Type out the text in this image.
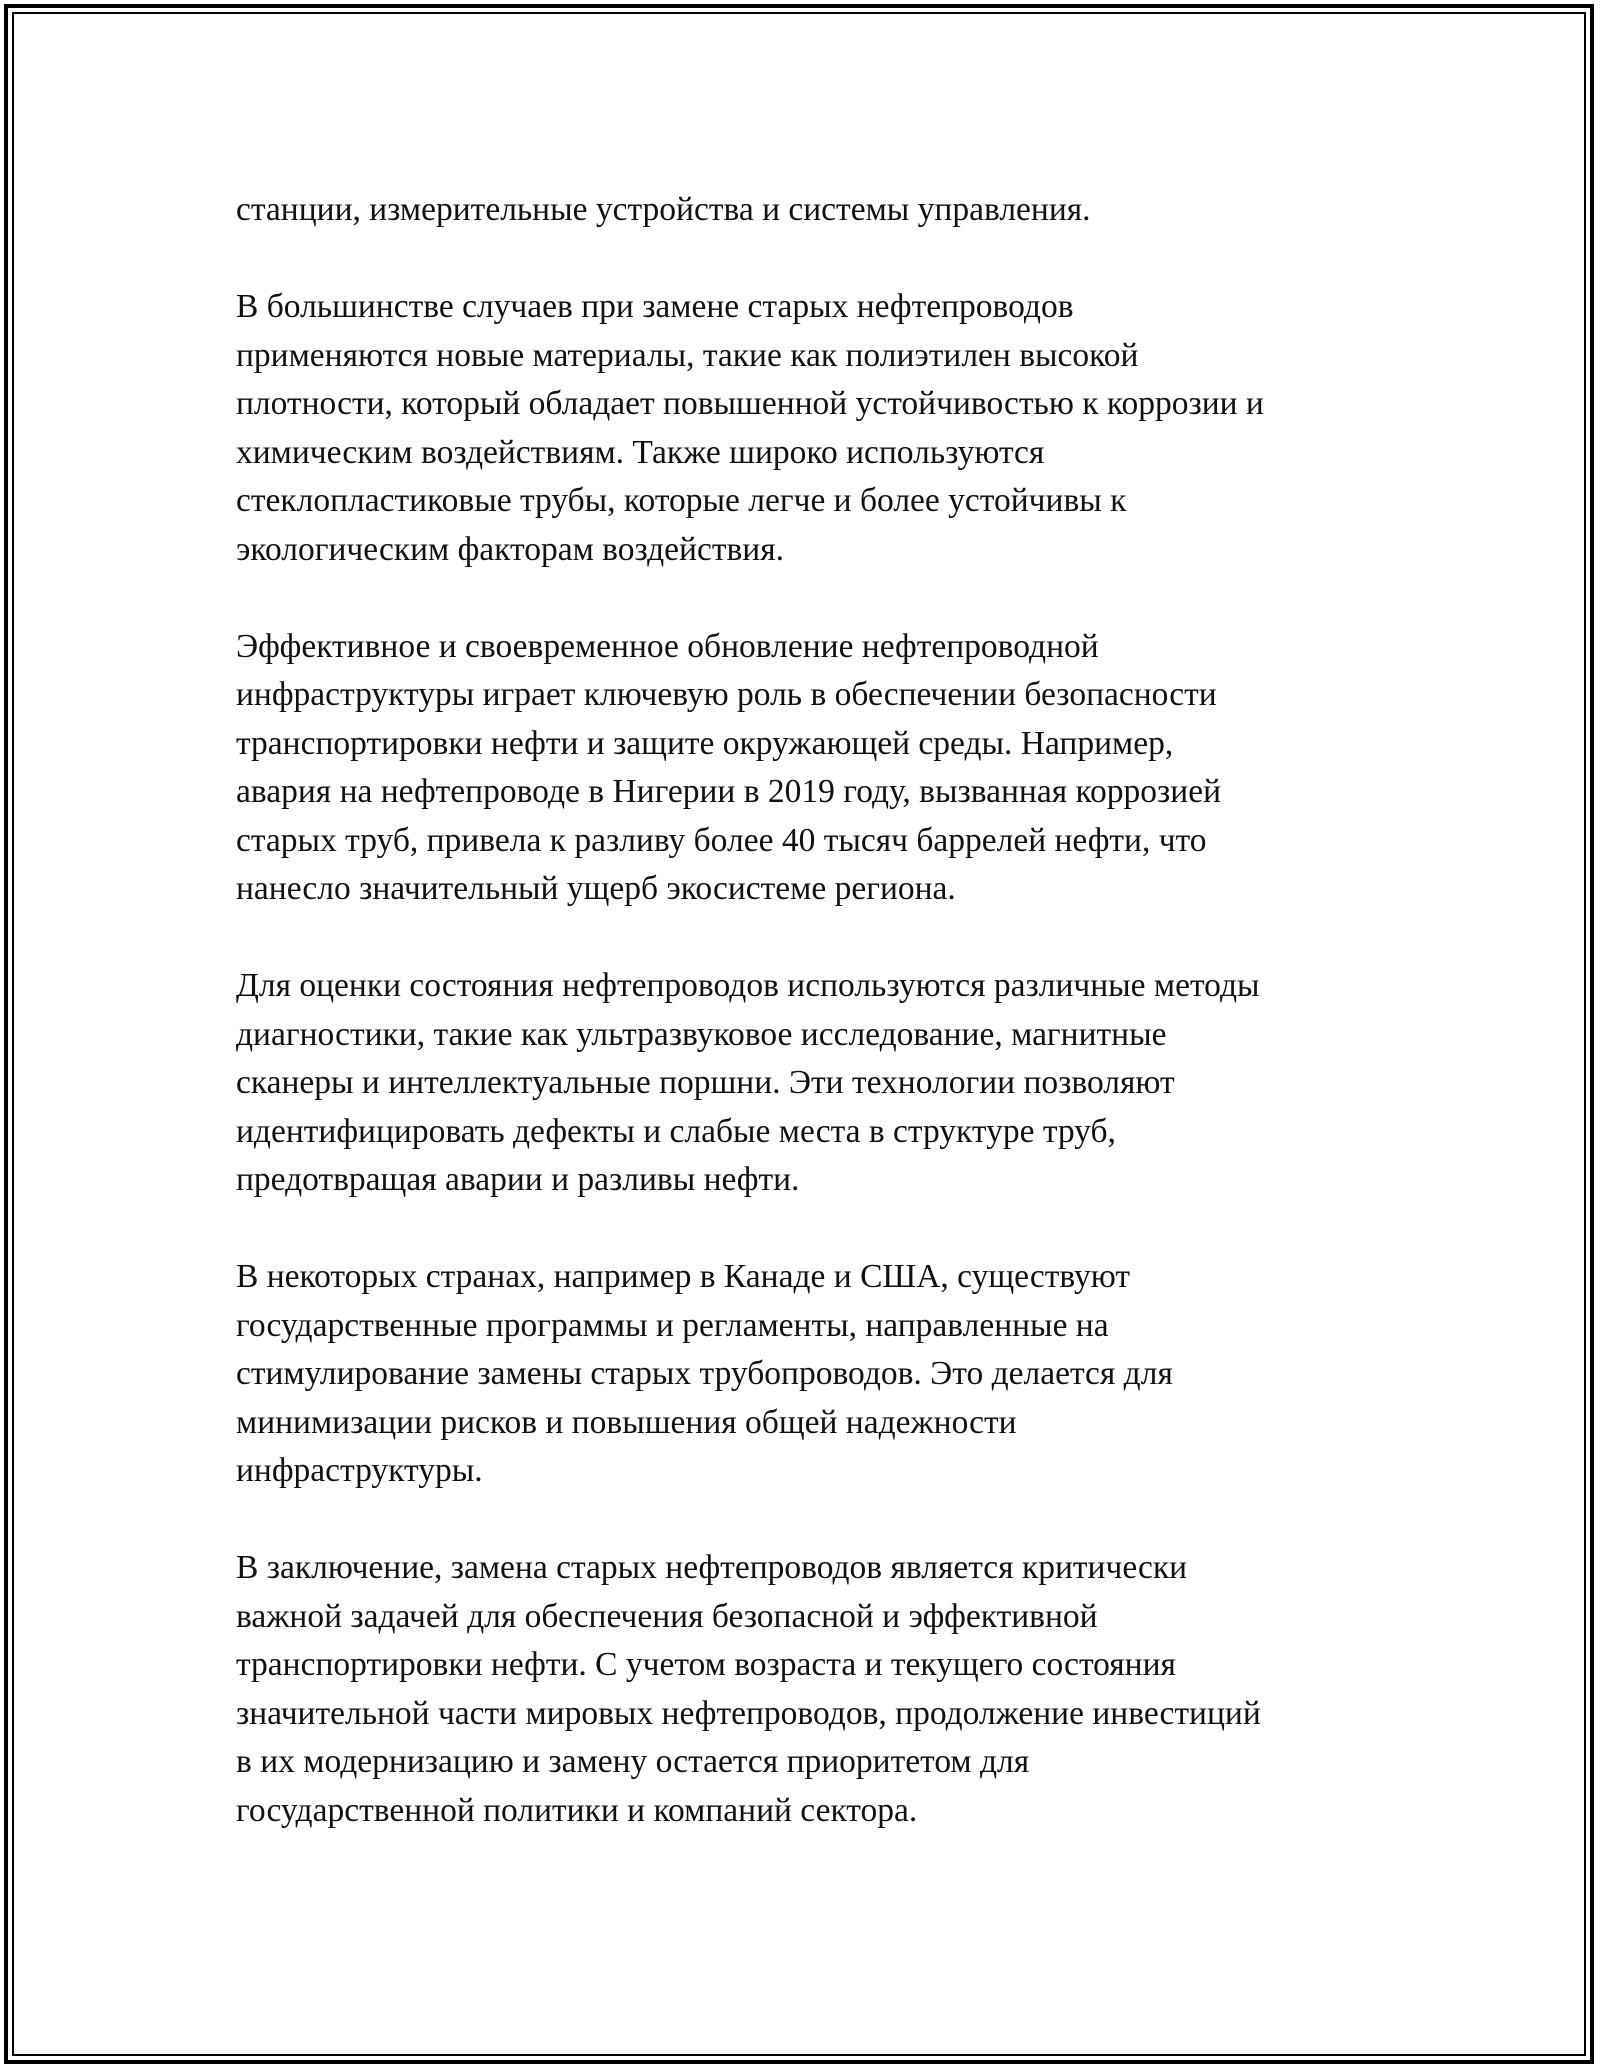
станции, измерительные устройства и системы управления.

В большинстве случаев при замене старых нефтепроводов
применяются новые материалы, такие как полиэтилен высокой
плотности, который обладает повышенной устойчивостью к коррозии и
химическим воздействиям. Также широко используются
стеклопластиковые трубы, которые легче и более устойчивы к
экологическим факторам воздействия.

Эффективное и своевременное обновление нефтепроводной
инфраструктуры играет ключевую роль в обеспечении безопасности
транспортировки нефти и защите окружающей среды. Например,
авария на нефтепроводе в Нигерии в 2019 году, вызванная коррозией
старых труб, привела к разливу более 40 тысяч баррелей нефти, что
нанесло значительный ущерб экосистеме региона.

Для оценки состояния нефтепроводов используются различные методы
диагностики, такие как ультразвуковое исследование, магнитные
сканеры и интеллектуальные поршни. Эти технологии позволяют
идентифицировать дефекты и слабые места в структуре труб,
предотвращая аварии и разливы нефти.

В некоторых странах, например в Канаде и США, существуют
государственные программы и регламенты, направленные на
стимулирование замены старых трубопроводов. Это делается для
минимизации рисков и повышения общей надежности
инфраструктуры.

В заключение, замена старых нефтепроводов является критически
важной задачей для обеспечения безопасной и эффективной
транспортировки нефти. С учетом возраста и текущего состояния
значительной части мировых нефтепроводов, продолжение инвестиций
в их модернизацию и замену остается приоритетом для
государственной политики и компаний сектора.
